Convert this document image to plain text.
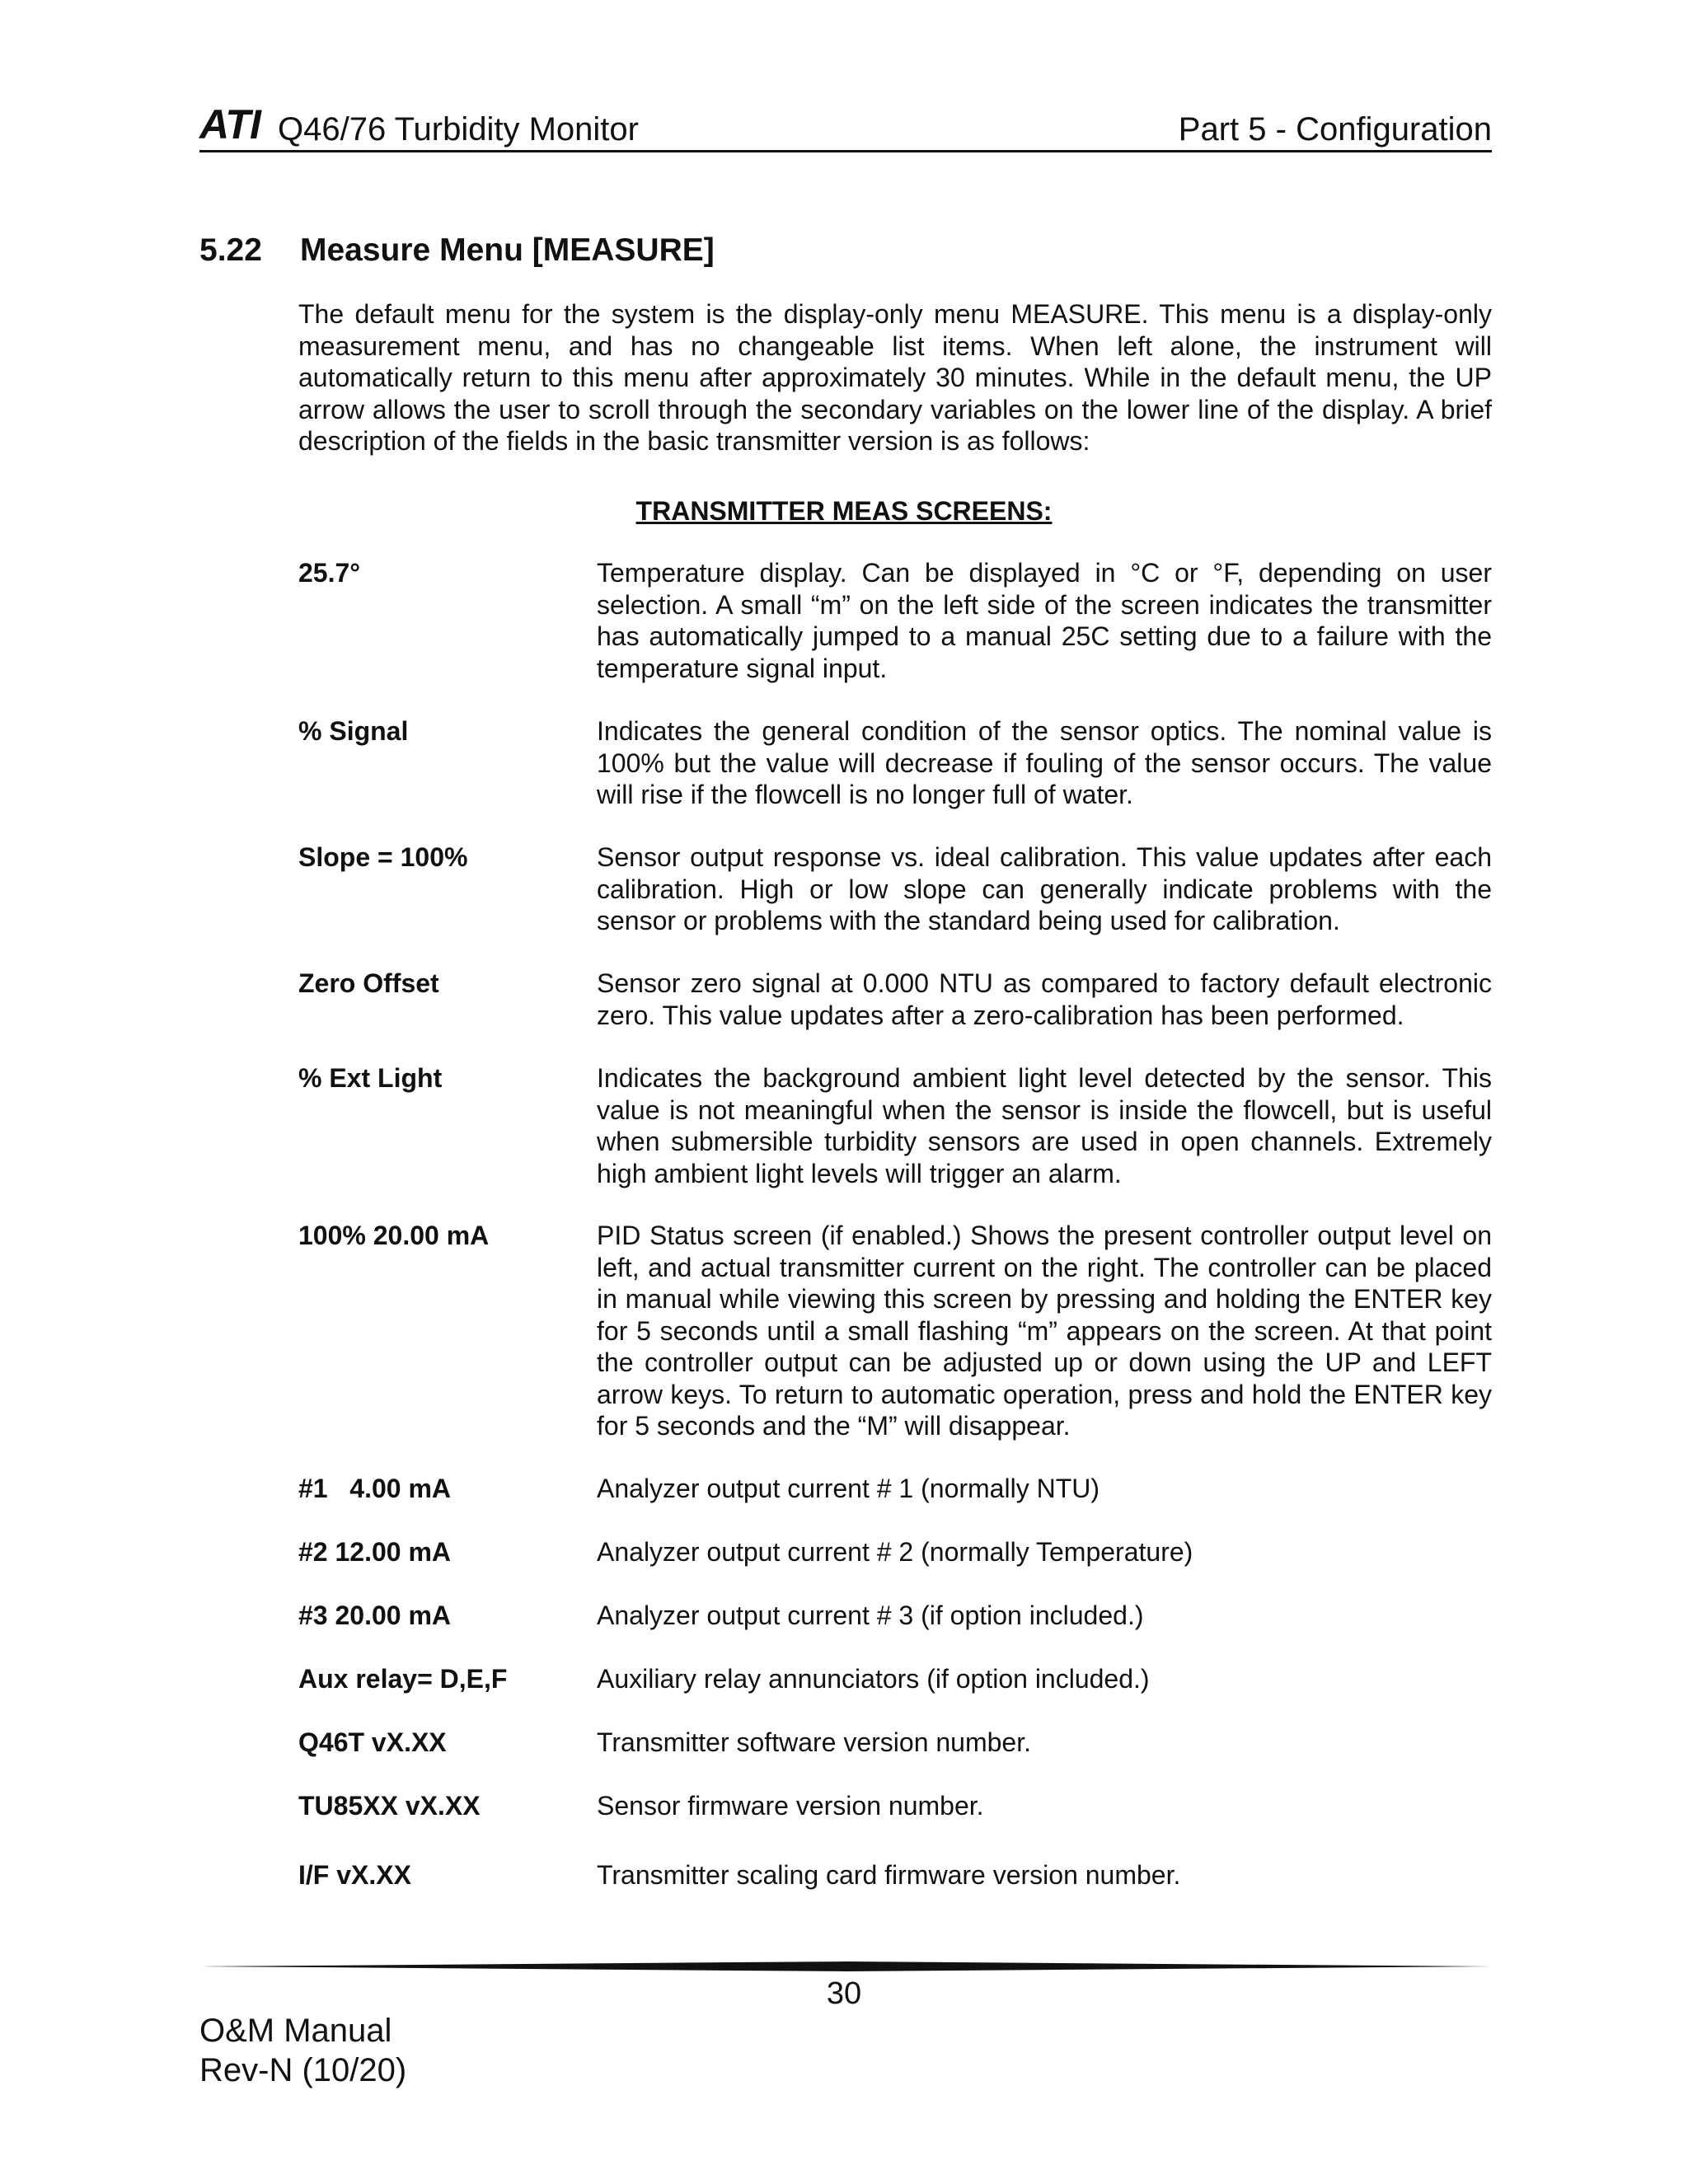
ATI Q46/76 Turbidity Monitor	Part 5 - Configuration
5.22 Measure Menu [MEASURE]

The default menu for the system is the display-only menu MEASURE. This menu is a display-only measurement menu, and has no changeable list items. When left alone, the instrument will automatically return to this menu after approximately 30 minutes. While in the default menu, the UP arrow allows the user to scroll through the secondary variables on the lower line of the display. A brief description of the fields in the basic transmitter version is as follows:

TRANSMITTER MEAS SCREENS:
25.7°	Temperature display. Can be displayed in °C or °F, depending on user selection. A small “m” on the left side of the screen indicates the transmitter has automatically jumped to a manual 25C setting due to a failure with the temperature signal input.

% Signal	Indicates the general condition of the sensor optics. The nominal value is 100% but the value will decrease if fouling of the sensor occurs. The value will rise if the flowcell is no longer full of water.

Slope = 100%	Sensor output response vs. ideal calibration. This value updates after each calibration. High or low slope can generally indicate problems with the sensor or problems with the standard being used for calibration.

Zero Offset	Sensor zero signal at 0.000 NTU as compared to factory default electronic zero. This value updates after a zero-calibration has been performed.

% Ext Light	Indicates the background ambient light level detected by the sensor. This value is not meaningful when the sensor is inside the flowcell, but is useful when submersible turbidity sensors are used in open channels. Extremely high ambient light levels will trigger an alarm.

100% 20.00 mA	PID Status screen (if enabled.) Shows the present controller output level on left, and actual transmitter current on the right. The controller can be placed in manual while viewing this screen by pressing and holding the ENTER key for 5 seconds until a small flashing “m” appears on the screen. At that point the controller output can be adjusted up or down using the UP and LEFT arrow keys. To return to automatic operation, press and hold the ENTER key for 5 seconds and the “M” will disappear.

#1   4.00 mA	Analyzer output current # 1 (normally NTU)

#2 12.00 mA	Analyzer output current # 2 (normally Temperature)

#3 20.00 mA	Analyzer output current # 3 (if option included.)

Aux relay= D,E,F	Auxiliary relay annunciators (if option included.)

Q46T vX.XX	Transmitter software version number.

TU85XX vX.XX	Sensor firmware version number.

I/F vX.XX	Transmitter scaling card firmware version number.

30
O&M Manual
Rev-N (10/20)
